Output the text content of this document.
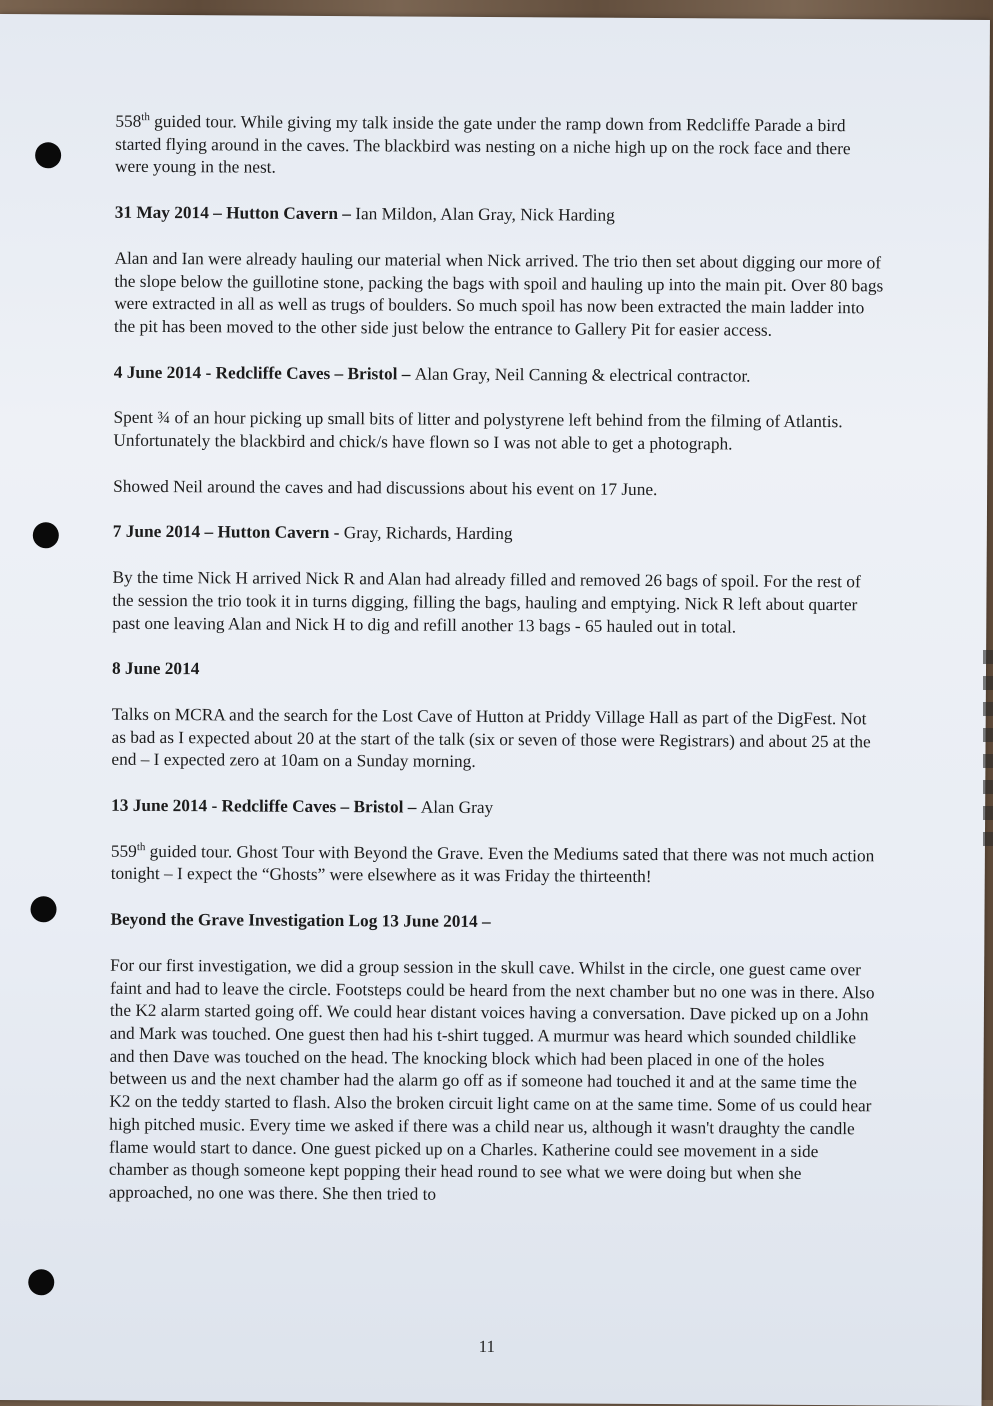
558th guided tour. While giving my talk inside the gate under the ramp down from Redcliffe Parade a bird started flying around in the caves. The blackbird was nesting on a niche high up on the rock face and there were young in the nest.

31 May 2014 – Hutton Cavern – Ian Mildon, Alan Gray, Nick Harding

Alan and Ian were already hauling our material when Nick arrived. The trio then set about digging our more of the slope below the guillotine stone, packing the bags with spoil and hauling up into the main pit. Over 80 bags were extracted in all as well as trugs of boulders. So much spoil has now been extracted the main ladder into the pit has been moved to the other side just below the entrance to Gallery Pit for easier access.

4 June 2014 - Redcliffe Caves – Bristol – Alan Gray, Neil Canning & electrical contractor.

Spent ¾ of an hour picking up small bits of litter and polystyrene left behind from the filming of Atlantis. Unfortunately the blackbird and chick/s have flown so I was not able to get a photograph.

Showed Neil around the caves and had discussions about his event on 17 June.

7 June 2014 – Hutton Cavern - Gray, Richards, Harding

By the time Nick H arrived Nick R and Alan had already filled and removed 26 bags of spoil. For the rest of the session the trio took it in turns digging, filling the bags, hauling and emptying. Nick R left about quarter past one leaving Alan and Nick H to dig and refill another 13 bags - 65 hauled out in total.

8 June 2014

Talks on MCRA and the search for the Lost Cave of Hutton at Priddy Village Hall as part of the DigFest. Not as bad as I expected about 20 at the start of the talk (six or seven of those were Registrars) and about 25 at the end – I expected zero at 10am on a Sunday morning.

13 June 2014 - Redcliffe Caves – Bristol – Alan Gray

559th guided tour. Ghost Tour with Beyond the Grave. Even the Mediums sated that there was not much action tonight – I expect the “Ghosts” were elsewhere as it was Friday the thirteenth!

Beyond the Grave Investigation Log 13 June 2014 –

For our first investigation, we did a group session in the skull cave. Whilst in the circle, one guest came over faint and had to leave the circle. Footsteps could be heard from the next chamber but no one was in there. Also the K2 alarm started going off. We could hear distant voices having a conversation. Dave picked up on a John and Mark was touched. One guest then had his t-shirt tugged. A murmur was heard which sounded childlike and then Dave was touched on the head. The knocking block which had been placed in one of the holes between us and the next chamber had the alarm go off as if someone had touched it and at the same time the K2 on the teddy started to flash. Also the broken circuit light came on at the same time. Some of us could hear high pitched music. Every time we asked if there was a child near us, although it wasn't draughty the candle flame would start to dance. One guest picked up on a Charles. Katherine could see movement in a side chamber as though someone kept popping their head round to see what we were doing but when she approached, no one was there. She then tried to

11
